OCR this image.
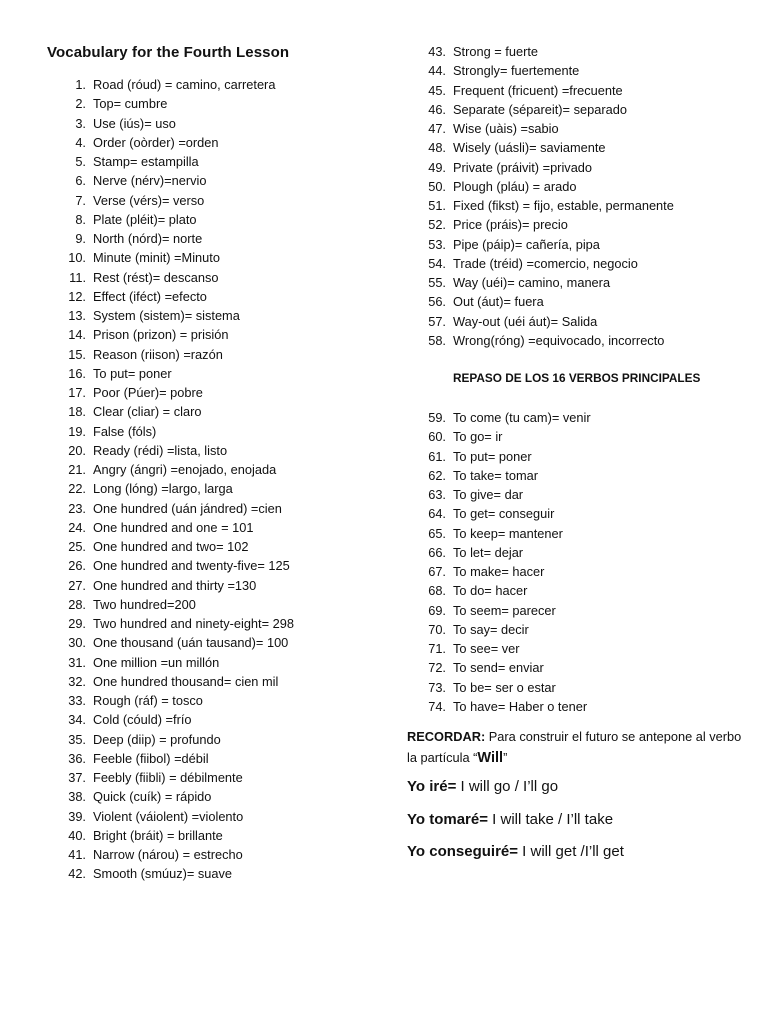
Vocabulary for the Fourth Lesson
1. Road (róud) = camino, carretera
2. Top= cumbre
3. Use (iús)= uso
4. Order (oòrder) =orden
5. Stamp= estampilla
6. Nerve (nérv)=nervio
7. Verse (vérs)= verso
8. Plate (pléit)= plato
9. North (nórd)= norte
10. Minute (minit) =Minuto
11. Rest (rést)= descanso
12. Effect (iféct) =efecto
13. System (sistem)= sistema
14. Prison (prizon) = prisión
15. Reason (riison) =razón
16. To put= poner
17. Poor (Púer)= pobre
18. Clear (cliar) = claro
19. False (fóls)
20. Ready (rédi) =lista, listo
21. Angry (ángri) =enojado, enojada
22. Long (lóng) =largo, larga
23. One hundred (uán jándred) =cien
24. One hundred and one = 101
25. One hundred and two= 102
26. One hundred and twenty-five= 125
27. One hundred and thirty =130
28. Two hundred=200
29. Two hundred and ninety-eight= 298
30. One thousand (uán tausand)= 100
31. One million =un millón
32. One hundred thousand= cien mil
33. Rough (ráf) = tosco
34. Cold (cóuld) =frío
35. Deep (diip) = profundo
36. Feeble (fiibol) =débil
37. Feebly (fiibli) = débilmente
38. Quick (cuík) = rápido
39. Violent (váiolent) =violento
40. Bright (bráit) = brillante
41. Narrow (nárou) = estrecho
42. Smooth (smúuz)= suave
43. Strong = fuerte
44. Strongly= fuertemente
45. Frequent (fricuent) =frecuente
46. Separate (sépareit)= separado
47. Wise (uàis) =sabio
48. Wisely (uásli)= saviamente
49. Private (práivit) =privado
50. Plough (pláu) = arado
51. Fixed (fikst) = fijo, estable, permanente
52. Price (práis)= precio
53. Pipe (páip)= cañería, pipa
54. Trade (tréid) =comercio, negocio
55. Way (uéi)= camino, manera
56. Out (áut)= fuera
57. Way-out (uéi áut)= Salida
58. Wrong(róng) =equivocado, incorrecto
REPASO DE LOS 16 VERBOS PRINCIPALES
59. To come (tu cam)= venir
60. To go= ir
61. To put= poner
62. To take= tomar
63. To give= dar
64. To get= conseguir
65. To keep= mantener
66. To let= dejar
67. To make= hacer
68. To do= hacer
69. To seem= parecer
70. To say= decir
71. To see= ver
72. To send= enviar
73. To be= ser o estar
74. To have= Haber o tener
RECORDAR: Para construir el futuro se antepone al verbo la partícula “Will”
Yo iré= I will go / I’ll go
Yo tomaré= I will take / I’ll take
Yo conseguiré= I will get /I’ll get
